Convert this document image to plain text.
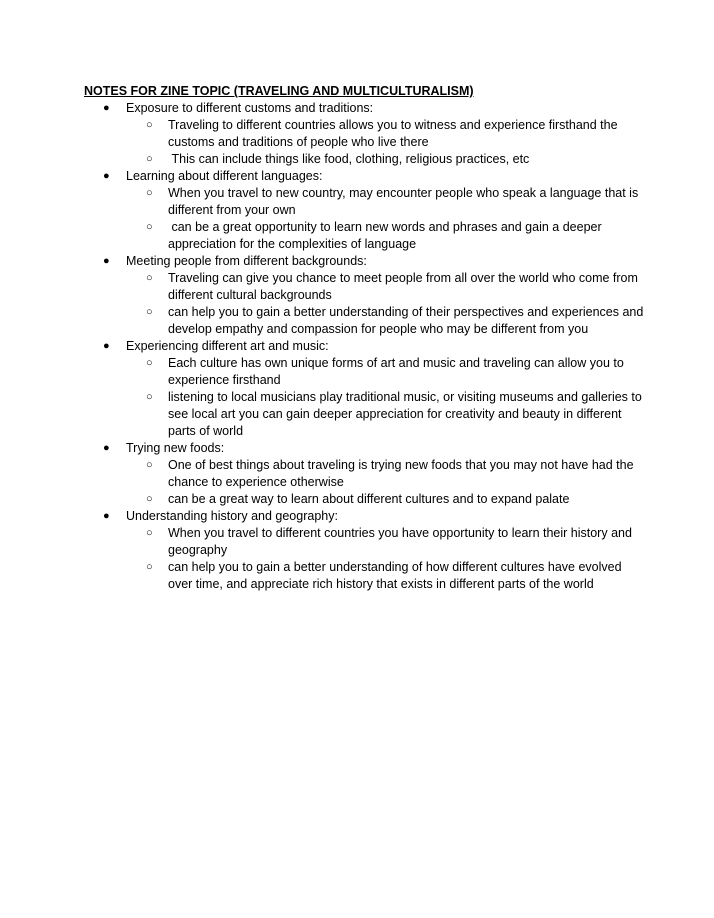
NOTES FOR ZINE TOPIC (TRAVELING AND MULTICULTURALISM)

● Exposure to different customs and traditions:
○ Traveling to different countries allows you to witness and experience firsthand the customs and traditions of people who live there
○ This can include things like food, clothing, religious practices, etc
● Learning about different languages:
○ When you travel to new country, may encounter people who speak a language that is different from your own
○ can be a great opportunity to learn new words and phrases and gain a deeper appreciation for the complexities of language
● Meeting people from different backgrounds:
○ Traveling can give you chance to meet people from all over the world who come from different cultural backgrounds
○ can help you to gain a better understanding of their perspectives and experiences and develop empathy and compassion for people who may be different from you
● Experiencing different art and music:
○ Each culture has own unique forms of art and music and traveling can allow you to experience firsthand
○ listening to local musicians play traditional music, or visiting museums and galleries to see local art you can gain deeper appreciation for creativity and beauty in different parts of world
● Trying new foods:
○ One of best things about traveling is trying new foods that you may not have had the chance to experience otherwise
○ can be a great way to learn about different cultures and to expand palate
● Understanding history and geography:
○ When you travel to different countries you have opportunity to learn their history and geography
○ can help you to gain a better understanding of how different cultures have evolved over time, and appreciate rich history that exists in different parts of the world
